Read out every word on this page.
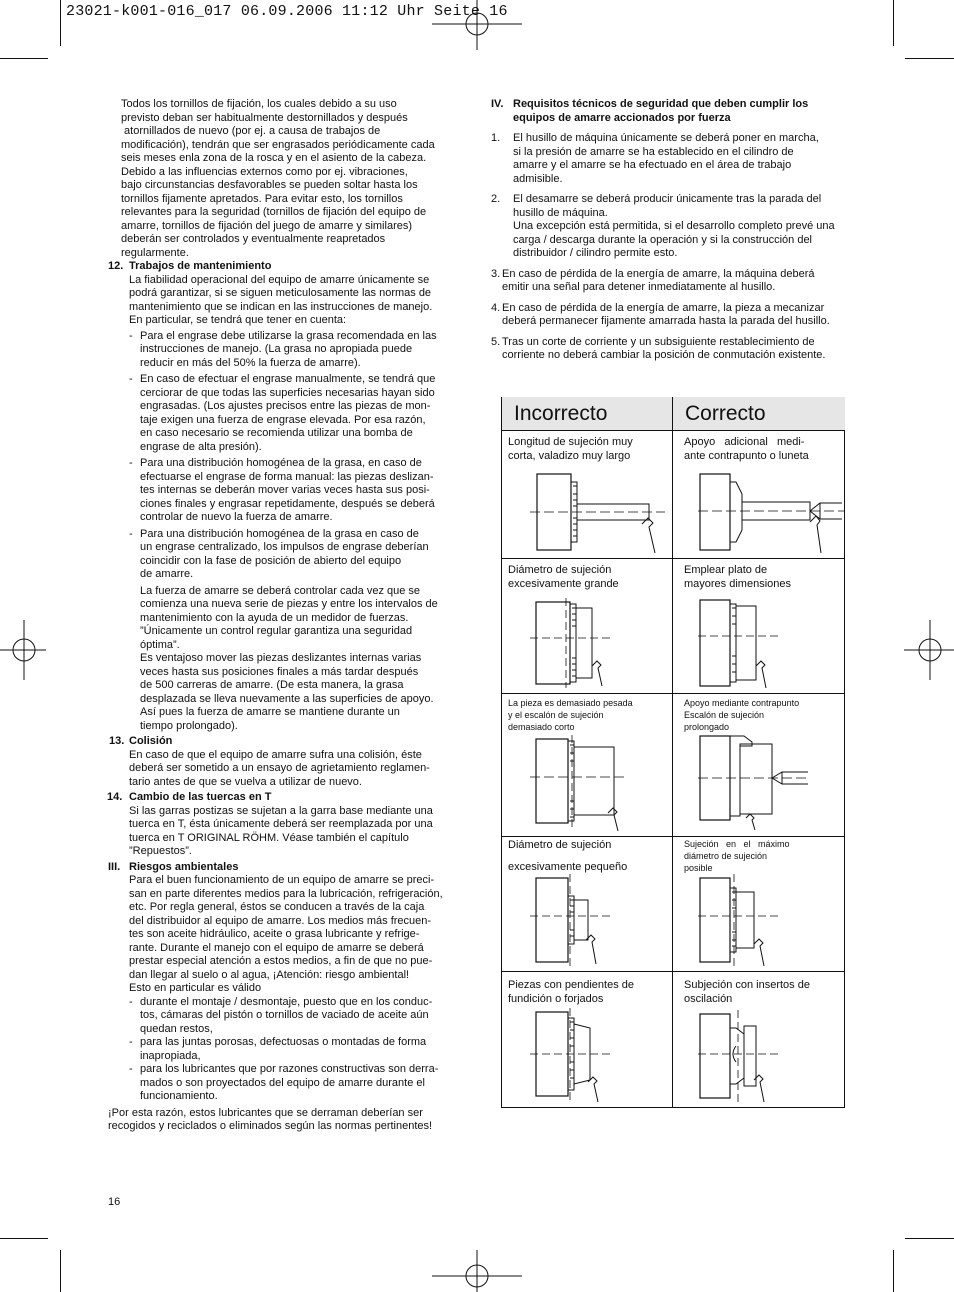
23021-k001-016_017 06.09.2006 11:12 Uhr Seite 16
Todos los tornillos de fijación, los cuales debido a su uso
previsto deban ser habitualmente destornillados y después
atornillados de nuevo (por ej. a causa de trabajos de
modificación), tendrán que ser engrasados periódicamente cada
seis meses enla zona de la rosca y en el asiento de la cabeza.
Debido a las influencias externos como por ej. vibraciones,
bajo circunstancias desfavorables se pueden soltar hasta los
tornillos fijamente apretados. Para evitar esto, los tornillos
relevantes para la seguridad (tornillos de fijación del equipo de
amarre, tornillos de fijación del juego de amarre y similares)
deberán ser controlados y eventualmente reapretados
regularmente.
12. Trabajos de mantenimiento
La fiabilidad operacional del equipo de amarre únicamente se
podrá garantizar, si se siguen meticulosamente las normas de
mantenimiento que se indican en las instrucciones de manejo.
En particular, se tendrá que tener en cuenta:
- Para el engrase debe utilizarse la grasa recomendada en las
instrucciones de manejo. (La grasa no apropiada puede
reducir en más del 50% la fuerza de amarre).
- En caso de efectuar el engrase manualmente, se tendrá que
cerciorar de que todas las superficies necesarias hayan sido
engrasadas. (Los ajustes precisos entre las piezas de mon-
taje exigen una fuerza de engrase elevada. Por esa razón,
en caso necesario se recomienda utilizar una bomba de
engrase de alta presión).
- Para una distribución homogénea de la grasa, en caso de
efectuarse el engrase de forma manual: las piezas deslizan-
tes internas se deberán mover varias veces hasta sus posi-
ciones finales y engrasar repetidamente, después se deberá
controlar de nuevo la fuerza de amarre.
- Para una distribución homogénea de la grasa en caso de
un engrase centralizado, los impulsos de engrase deberían
coincidir con la fase de posición de abierto del equipo
de amarre.
La fuerza de amarre se deberá controlar cada vez que se
comienza una nueva serie de piezas y entre los intervalos de
mantenimiento con la ayuda de un medidor de fuerzas.
”Únicamente un control regular garantiza una seguridad
óptima”.
Es ventajoso mover las piezas deslizantes internas varias
veces hasta sus posiciones finales a más tardar después
de 500 carreras de amarre. (De esta manera, la grasa
desplazada se lleva nuevamente a las superficies de apoyo.
Así pues la fuerza de amarre se mantiene durante un
tiempo prolongado).
13. Colisión
En caso de que el equipo de amarre sufra una colisión, éste
deberá ser sometido a un ensayo de agrietamiento reglamen-
tario antes de que se vuelva a utilizar de nuevo.
14. Cambio de las tuercas en T
Si las garras postizas se sujetan a la garra base mediante una
tuerca en T, ésta únicamente deberá ser reemplazada por una
tuerca en T ORIGINAL RÖHM. Véase también el capítulo
”Repuestos”.
III. Riesgos ambientales
Para el buen funcionamiento de un equipo de amarre se preci-
san en parte diferentes medios para la lubricación, refrigeración,
etc. Por regla general, éstos se conducen a través de la caja
del distribuidor al equipo de amarre. Los medios más frecuen-
tes son aceite hidráulico, aceite o grasa lubricante y refrige-
rante. Durante el manejo con el equipo de amarre se deberá
prestar especial atención a estos medios, a fin de que no pue-
dan llegar al suelo o al agua, ¡Atención: riesgo ambiental!
Esto en particular es válido
- durante el montaje / desmontaje, puesto que en los conduc-
tos, cámaras del pistón o tornillos de vaciado de aceite aún
quedan restos,
- para las juntas porosas, defectuosas o montadas de forma
inapropiada,
- para los lubricantes que por razones constructivas son derra-
mados o son proyectados del equipo de amarre durante el
funcionamiento.
¡Por esta razón, estos lubricantes que se derraman deberían ser
recogidos y reciclados o eliminados según las normas pertinentes!
IV. Requisitos técnicos de seguridad que deben cumplir los
equipos de amarre accionados por fuerza
1. El husillo de máquina únicamente se deberá poner en marcha,
si la presión de amarre se ha establecido en el cilindro de
amarre y el amarre se ha efectuado en el área de trabajo
admisible.
2. El desamarre se deberá producir únicamente tras la parada del
husillo de máquina.
Una excepción está permitida, si el desarrollo completo prevé una
carga / descarga durante la operación y si la construcción del
distribuidor / cilindro permite esto.
3. En caso de pérdida de la energía de amarre, la máquina deberá
emitir una señal para detener inmediatamente al husillo.
4. En caso de pérdida de la energía de amarre, la pieza a mecanizar
deberá permanecer fijamente amarrada hasta la parada del husillo.
5. Tras un corte de corriente y un subsiguiente restablecimiento de
corriente no deberá cambiar la posición de conmutación existente.
Incorrecto	Correcto
Longitud de sujeción muy
corta, valadizo muy largo
Apoyo   adicional   medi-
ante contrapunto o luneta
Diámetro de sujeción
excesivamente grande
Emplear plato de
mayores dimensiones
La pieza es demasiado pesada
y el escalón de sujeción
demasiado corto
Apoyo mediante contrapunto
Escalón de sujeción
prolongado
Diámetro de sujeción
excesivamente pequeño
Sujeción   en   el   máximo
diámetro de sujeción
posible
Piezas con pendientes de
fundición o forjados
Subjeción con insertos de
oscilación
16
